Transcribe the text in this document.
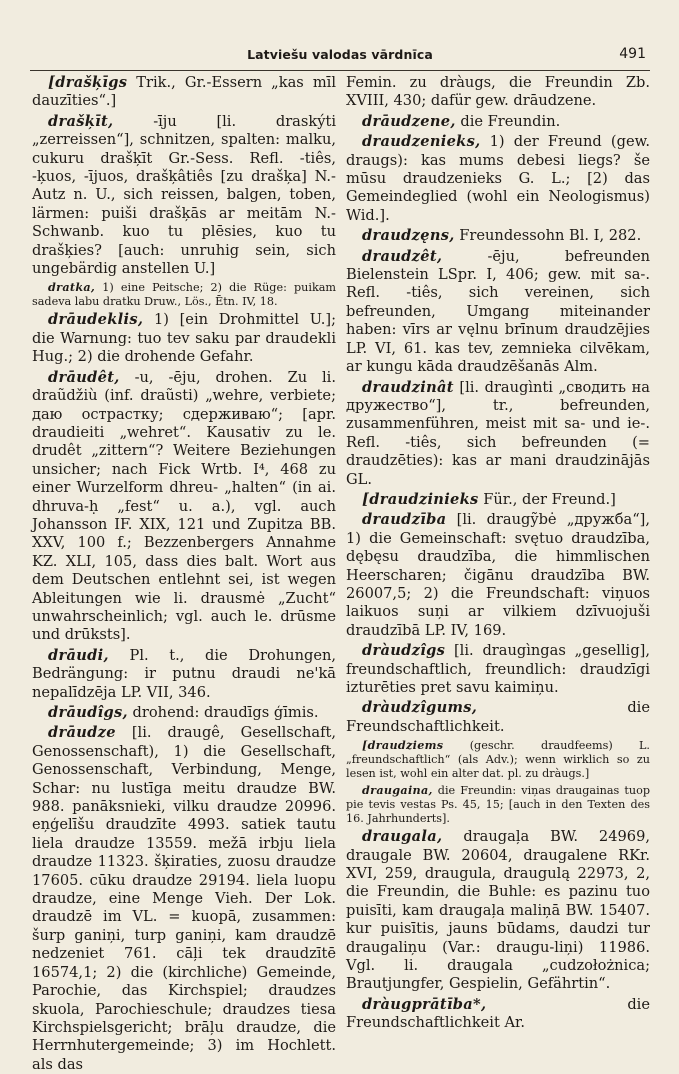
Latviešu valodas vārdnīca	491

[drašķīgs Trik., Gr.-Essern „kas mīl dauzīties“.]

drašķīt, -īju [li. draskýti „zerreissen“], schnitzen, spalten: malku, cukuru drašķīt Gr.-Sess. Refl. -tiês, -ķuos, -ījuos, drašķâtiês [zu drašķa] N.-Autz n. U., sich reissen, balgen, toben, lärmen: puiši drašķās ar meitām N.-Schwanb. kuo tu plēsies, kuo tu drašķies? [auch: unruhig sein, sich ungebärdig anstellen U.]

dratka, 1) eine Peitsche; 2) die Rüge: puikam sadeva labu dratku Druw., Lös., Ētn. IV, 18.

drāudeklis, 1) [ein Drohmittel U.]; die Warnung: tuo tev saku par draudekli Hug.; 2) die drohende Gefahr.

drāudêt, -u, -ēju, drohen. Zu li. draũdžiù (inf. draũsti) „wehre, verbiete; даю острастку; сдерживаю“; [apr. draudieiti „wehret“. Kausativ zu le. drudêt „zittern“? Weitere Beziehungen unsicher; nach Fick Wrtb. I⁴, 468 zu einer Wurzelform dhreu- „halten“ (in ai. dhruva-ḥ „fest“ u. a.), vgl. auch Johansson IF. XIX, 121 und Zupitza BB. XXV, 100 f.; Bezzenbergers Annahme KZ. XLI, 105, dass dies balt. Wort aus dem Deutschen entlehnt sei, ist wegen Ableitungen wie li. drausmė „Zucht“ unwahrscheinlich; vgl. auch le. drūsme und drūksts].

drāudi, Pl. t., die Drohungen, Bedrängung: ir putnu draudi ne'kā nepalīdzēja LP. VII, 346.

drāudîgs, drohend: draudīgs ģīmis.

drāudze [li. draugê, Gesellschaft, Genossenschaft), 1) die Gesellschaft, Genossenschaft, Verbindung, Menge, Schar: nu lustīga meitu draudze BW. 988. panāksnieki, vilku draudze 20996. eņģelīšu draudzīte 4993. satiek tautu liela draudze 13559. mežā irbju liela draudze 11323. šķiraties, zuosu draudze 17605. cūku draudze 29194. liela luopu draudze, eine Menge Vieh. Der Lok. draudzē im VL. = kuopā, zusammen: šurp ganiņi, turp ganiņi, kam draudzē nedzeniet 761. cāļi tek draudzītē 16574,1; 2) die (kirchliche) Gemeinde, Parochie, das Kirchspiel; draudzes skuola, Parochieschule; draudzes tiesa Kirchspielsgericht; brāļu draudze, die Herrnhutergemeinde; 3) im Hochlett. als das

Femin. zu dràugs, die Freundin Zb. XVIII, 430; dafür gew. drāudzene.

drāudzene, die Freundin.

draudzenieks, 1) der Freund (gew. draugs): kas mums debesi liegs? še mūsu draudzenieks G. L.; [2) das Gemeindeglied (wohl ein Neologismus) Wid.].

draudzęns, Freundessohn Bl. I, 282.

draudzêt, -ēju, befreunden Bielenstein LSpr. I, 406; gew. mit sa-. Refl. -tiês, sich vereinen, sich befreunden, Umgang miteinander haben: vīrs ar vęlnu brīnum draudzējies LP. VI, 61. kas tev, zemnieka cilvēkam, ar kungu kāda draudzēšanās Alm.

draudzinât [li. draugìnti „сводить на дружество“], tr., befreunden, zusammenführen, meist mit sa- und ie-. Refl. -tiês, sich befreunden (= draudzēties): kas ar mani draudzinājās GL.

[draudzinieks Für., der Freund.]

draudzība [li. draugỹbė „дружба“], 1) die Gemeinschaft: svętuo draudzība, dębęsu draudzība, die himmlischen Heerscharen; čigānu draudzība BW. 26007,5; 2) die Freundschaft: viņuos laikuos suņi ar vilkiem dzīvuojuši draudzībā LP. IV, 169.

dràudzîgs [li. draugìngas „gesellig], freundschaftlich, freundlich: draudzīgi izturēties pret savu kaimiņu.

dràudzîgums, die Freundschaftlichkeit.

[draudziems (geschr. draudfeems) L. „freundschaftlich“ (als Adv.); wenn wirklich so zu lesen ist, wohl ein alter dat. pl. zu dràugs.]

draugaina, die Freundin: viņas draugainas tuop pie tevis vestas Ps. 45, 15; [auch in den Texten des 16. Jahrhunderts].

draugala, draugaļa BW. 24969, draugale BW. 20604, draugalene RKr. XVI, 259, draugula, draugulą 22973, 2, die Freundin, die Buhle: es pazinu tuo puisīti, kam draugaļa maliņā BW. 15407. kur puisītis, jauns būdams, daudzi tur draugaliņu (Var.: draugu-liņi) 11986. Vgl. li. draugala „cudzołożnica; Brautjungfer, Gespielin, Gefährtin“.

dràugprātība*, die Freundschaftlichkeit Ar.
